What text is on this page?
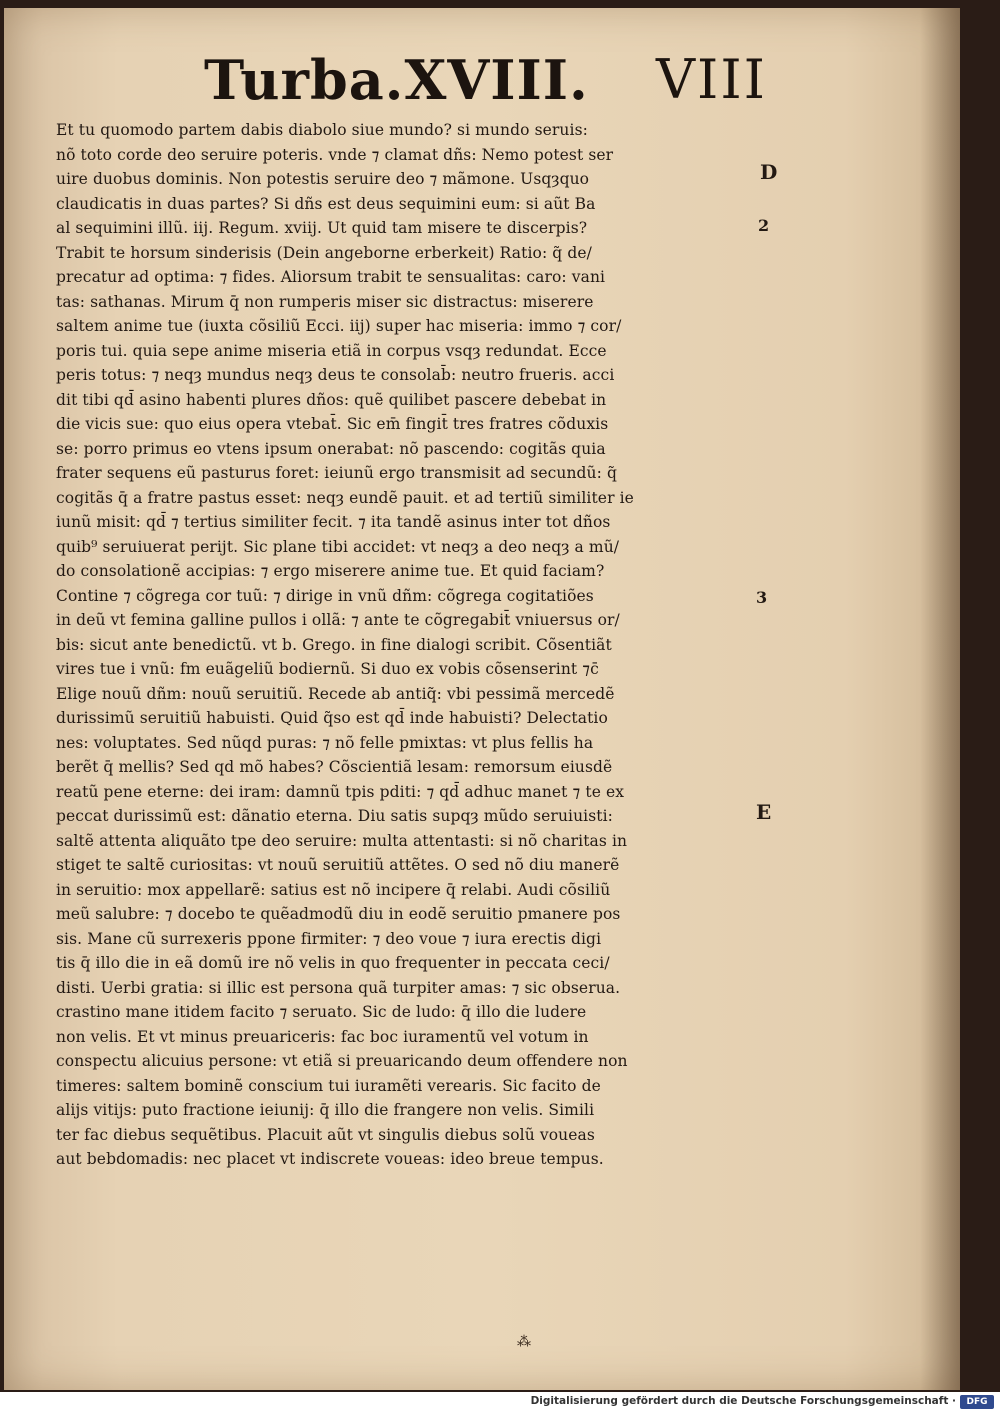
Turba.XVIII. VIII
Et tu quomodo partem dabis diabolo siue mundo? si mundo seruis:
nõ toto corde deo seruire poteris. vnde ⁊ clamat dñs: Nemo potest ser
uire duobus dominis. Non potestis seruire deo ⁊ mãmone. Usqȝquo
claudicatis in duas partes? Si dñs est deus sequimini eum: si aũt Ba
al sequimini illũ. iij. Regum. xviij. Ut quid tam misere te discerpis?
Trabit te horsum sinderisis (Dein angeborne erberkeit) Ratio: q̃ de/
precatur ad optima: ⁊ fides. Aliorsum trabit te sensualitas: caro: vani
tas: sathanas. Mirum q̄ non rumperis miser sic distractus: miserere
saltem anime tue (iuxta cõsiliũ Ecci. iij) super hac miseria: immo ⁊ cor/
poris tui. quia sepe anime miseria etiã in corpus vsqȝ redundat. Ecce
peris totus: ⁊ neqȝ mundus neqȝ deus te consolab̄: neutro frueris. acci
dit tibi qd̄ asino habenti plures dños: quẽ quilibet pascere debebat in
die vicis sue: quo eius opera vtebat̄. Sic em̄ fingit̄ tres fratres cõduxis
se: porro primus eo vtens ipsum onerabat: nõ pascendo: cogitãs quia
frater sequens eũ pasturus foret: ieiunũ ergo transmisit ad secundũ: q̃
cogitãs q̄ a fratre pastus esset: neqȝ eundẽ pauit. et ad tertiũ similiter ie
iunũ misit: qd̄ ⁊ tertius similiter fecit. ⁊ ita tandẽ asinus inter tot dños
quib⁹ seruiuerat perijt. Sic plane tibi accidet: vt neqȝ a deo neqȝ a mũ/
do consolationẽ accipias: ⁊ ergo miserere anime tue. Et quid faciam?
Contine ⁊ cõgrega cor tuũ: ⁊ dirige in vnũ dñm: cõgrega cogitatiões
in deũ vt femina galline pullos i ollã: ⁊ ante te cõgregabit̄ vniuersus or/
bis: sicut ante benedictũ. vt b. Grego. in fine dialogi scribit. Cõsentiãt
vires tue i vnũ: fm euãgeliũ bodiernũ. Si duo ex vobis cõsenserint ⁊c̄
Elige nouũ dñm: nouũ seruitiũ. Recede ab antiq̃: vbi pessimã mercedẽ
durissimũ seruitiũ habuisti. Quid q̃so est qd̄ inde habuisti? Delectatio
nes: voluptates. Sed nũqd puras: ⁊ nõ felle pmixtas: vt plus fellis ha
berẽt q̄ mellis? Sed qd mõ habes? Cõscientiã lesam: remorsum eiusdẽ
reatũ pene eterne: dei iram: damnũ tpis pditi: ⁊ qd̄ adhuc manet ⁊ te ex
peccat durissimũ est: dãnatio eterna. Diu satis supqȝ mũdo seruiuisti:
saltẽ attenta aliquãto tpe deo seruire: multa attentasti: si nõ charitas in
stiget te saltẽ curiositas: vt nouũ seruitiũ attẽtes. O sed nõ diu manerẽ
in seruitio: mox appellarẽ: satius est nõ incipere q̄ relabi. Audi cõsiliũ
meũ salubre: ⁊ docebo te quẽadmodũ diu in eodẽ seruitio pmanere pos
sis. Mane cũ surrexeris ppone firmiter: ⁊ deo voue ⁊ iura erectis digi
tis q̄ illo die in eã domũ ire nõ velis in quo frequenter in peccata ceci/
disti. Uerbi gratia: si illic est persona quã turpiter amas: ⁊ sic obserua.
crastino mane itidem facito ⁊ seruato. Sic de ludo: q̄ illo die ludere
non velis. Et vt minus preuariceris: fac boc iuramentũ vel votum in
conspectu alicuius persone: vt etiã si preuaricando deum offendere non
timeres: saltem bominẽ conscium tui iuramẽti verearis. Sic facito de
alijs vitijs: puto fractione ieiunij: q̄ illo die frangere non velis. Simili
ter fac diebus sequẽtibus. Placuit aũt vt singulis diebus solũ voueas
aut bebdomadis: nec placet vt indiscrete voueas: ideo breue tempus.
D
2
3
E
⁂
Digitalisierung gefördert durch die Deutsche Forschungsgemeinschaft ·	DFG
